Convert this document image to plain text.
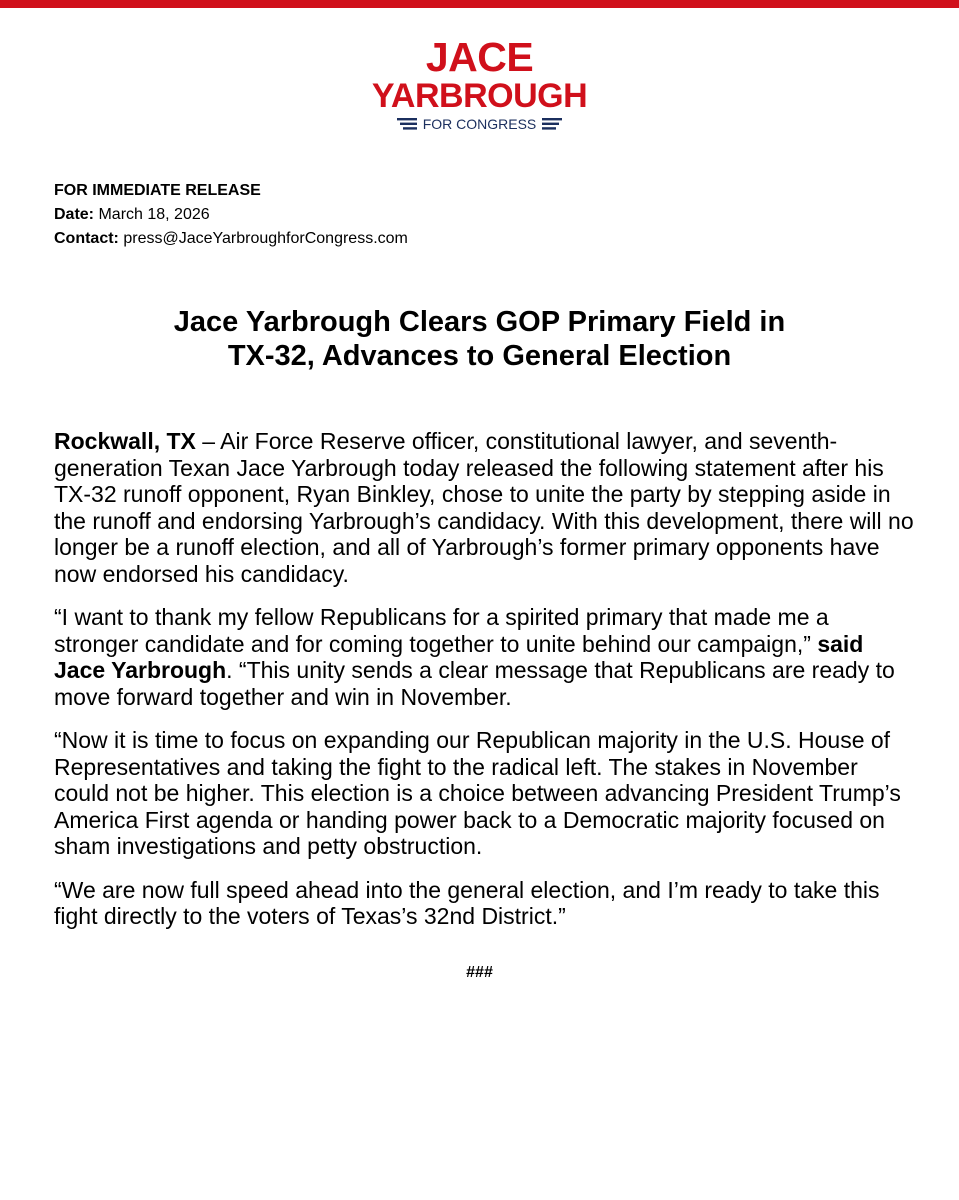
JACE
YARBROUGH
FOR CONGRESS
FOR IMMEDIATE RELEASE
Date: March 18, 2026
Contact: press@JaceYarbroughforCongress.com
Jace Yarbrough Clears GOP Primary Field in
TX-32, Advances to General Election

Rockwall, TX – Air Force Reserve officer, constitutional lawyer, and seventh-generation Texan Jace Yarbrough today released the following statement after his TX-32 runoff opponent, Ryan Binkley, chose to unite the party by stepping aside in the runoff and endorsing Yarbrough’s candidacy. With this development, there will no longer be a runoff election, and all of Yarbrough’s former primary opponents have now endorsed his candidacy.

“I want to thank my fellow Republicans for a spirited primary that made me a stronger candidate and for coming together to unite behind our campaign,” said Jace Yarbrough. “This unity sends a clear message that Republicans are ready to move forward together and win in November.

“Now it is time to focus on expanding our Republican majority in the U.S. House of Representatives and taking the fight to the radical left. The stakes in November could not be higher. This election is a choice between advancing President Trump’s America First agenda or handing power back to a Democratic majority focused on sham investigations and petty obstruction.

“We are now full speed ahead into the general election, and I’m ready to take this fight directly to the voters of Texas’s 32nd District.”

###
